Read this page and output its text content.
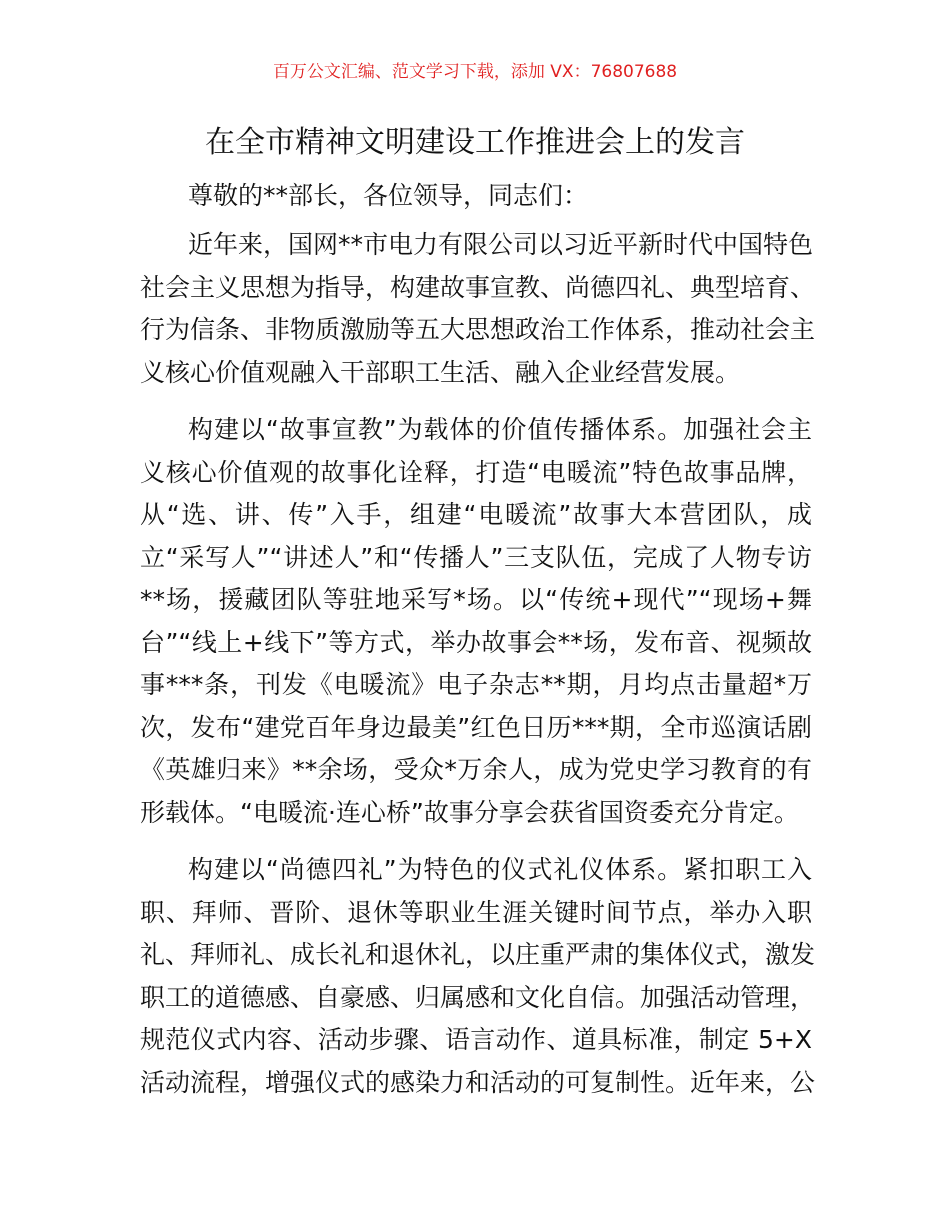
百万公文汇编、范文学习下载，添加 VX：76807688
在全市精神文明建设工作推进会上的发言
尊敬的**部长，各位领导，同志们：
近年来，国网**市电力有限公司以习近平新时代中国特色
社会主义思想为指导，构建故事宣教、尚德四礼、典型培育、
行为信条、非物质激励等五大思想政治工作体系，推动社会主
义核心价值观融入干部职工生活、融入企业经营发展。
构建以“故事宣教”为载体的价值传播体系。加强社会主
义核心价值观的故事化诠释，打造“电暖流”特色故事品牌，
从“选、讲、传”入手，组建“电暖流”故事大本营团队，成
立“采写人”“讲述人”和“传播人”三支队伍，完成了人物专访
**场，援藏团队等驻地采写*场。以“传统+现代”“现场+舞
台”“线上+线下”等方式，举办故事会**场，发布音、视频故
事***条，刊发《电暖流》电子杂志**期，月均点击量超*万
次，发布“建党百年身边最美”红色日历***期，全市巡演话剧
《英雄归来》**余场，受众*万余人，成为党史学习教育的有
形载体。“电暖流·连心桥”故事分享会获省国资委充分肯定。
构建以“尚德四礼”为特色的仪式礼仪体系。紧扣职工入
职、拜师、晋阶、退休等职业生涯关键时间节点，举办入职
礼、拜师礼、成长礼和退休礼，以庄重严肃的集体仪式，激发
职工的道德感、自豪感、归属感和文化自信。加强活动管理，
规范仪式内容、活动步骤、语言动作、道具标准，制定 5+X
活动流程，增强仪式的感染力和活动的可复制性。近年来，公
